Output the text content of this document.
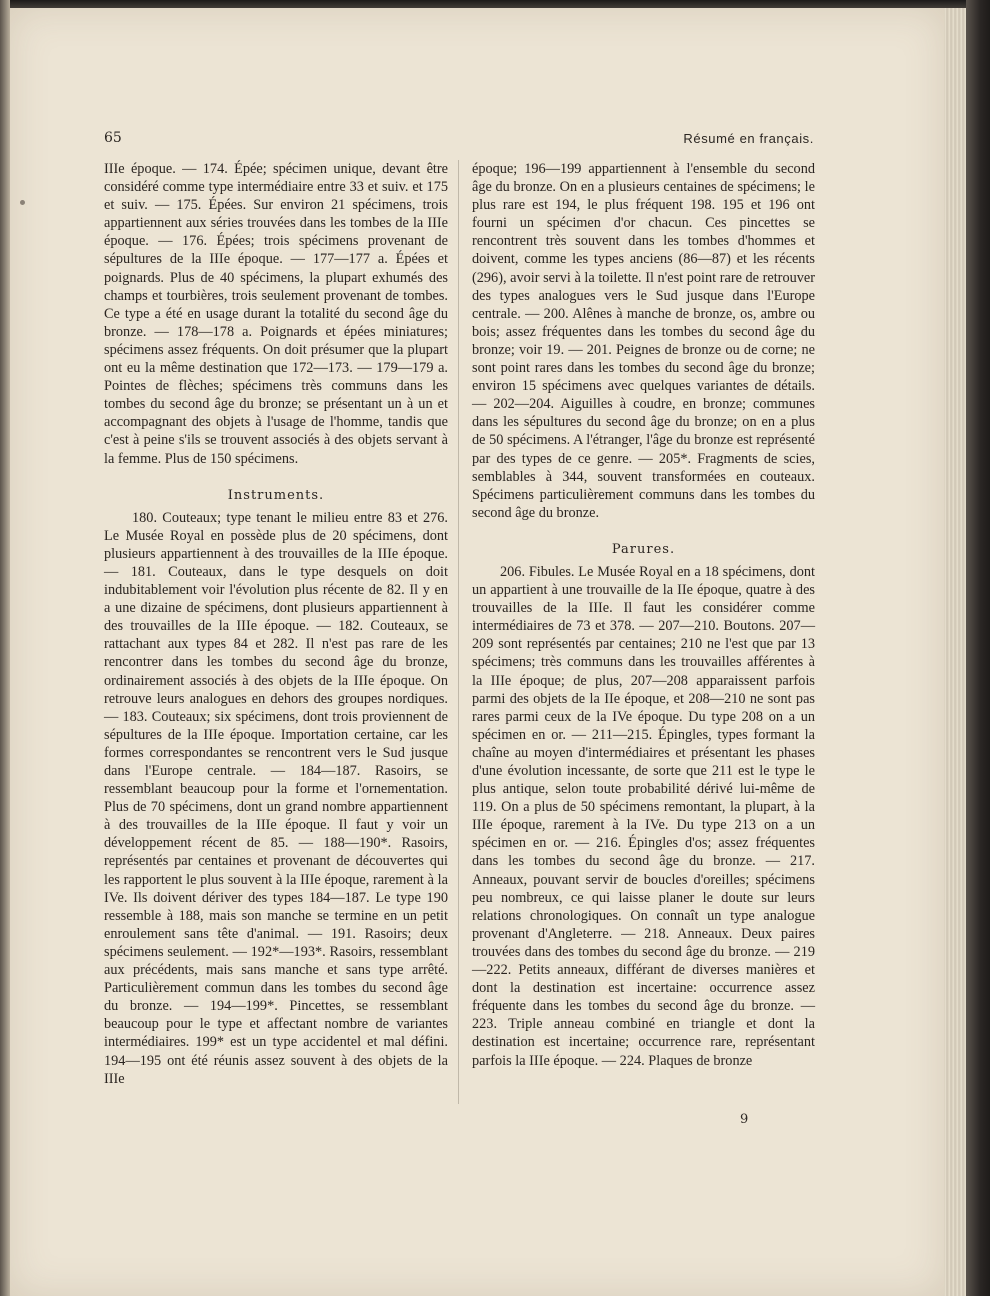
65	Résumé en français.

IIIe époque. — 174. Épée; spécimen unique, devant être considéré comme type intermédiaire entre 33 et suiv. et 175 et suiv. — 175. Épées. Sur environ 21 spécimens, trois appartiennent aux séries trouvées dans les tombes de la IIIe époque. — 176. Épées; trois spécimens provenant de sépultures de la IIIe époque. — 177—177 a. Épées et poignards. Plus de 40 spécimens, la plupart exhumés des champs et tourbières, trois seulement provenant de tombes. Ce type a été en usage durant la totalité du second âge du bronze. — 178—178 a. Poignards et épées miniatures; spécimens assez fréquents. On doit présumer que la plupart ont eu la même destination que 172—173. — 179—179 a. Pointes de flèches; spécimens très communs dans les tombes du second âge du bronze; se présentant un à un et accompagnant des objets à l'usage de l'homme, tandis que c'est à peine s'ils se trouvent associés à des objets servant à la femme. Plus de 150 spécimens.

Instruments.

180. Couteaux; type tenant le milieu entre 83 et 276. Le Musée Royal en possède plus de 20 spécimens, dont plusieurs appartiennent à des trouvailles de la IIIe époque. — 181. Couteaux, dans le type desquels on doit indubitablement voir l'évolution plus récente de 82. Il y en a une dizaine de spécimens, dont plusieurs appartiennent à des trouvailles de la IIIe époque. — 182. Couteaux, se rattachant aux types 84 et 282. Il n'est pas rare de les rencontrer dans les tombes du second âge du bronze, ordinairement associés à des objets de la IIIe époque. On retrouve leurs analogues en dehors des groupes nordiques. — 183. Couteaux; six spécimens, dont trois proviennent de sépultures de la IIIe époque. Importation certaine, car les formes correspondantes se rencontrent vers le Sud jusque dans l'Europe centrale. — 184—187. Rasoirs, se ressemblant beaucoup pour la forme et l'ornementation. Plus de 70 spécimens, dont un grand nombre appartiennent à des trouvailles de la IIIe époque. Il faut y voir un développement récent de 85. — 188—190*. Rasoirs, représentés par centaines et provenant de découvertes qui les rapportent le plus souvent à la IIIe époque, rarement à la IVe. Ils doivent dériver des types 184—187. Le type 190 ressemble à 188, mais son manche se termine en un petit enroulement sans tête d'animal. — 191. Rasoirs; deux spécimens seulement. — 192*—193*. Rasoirs, ressemblant aux précédents, mais sans manche et sans type arrêté. Particulièrement commun dans les tombes du second âge du bronze. — 194—199*. Pincettes, se ressemblant beaucoup pour le type et affectant nombre de variantes intermédiaires. 199* est un type accidentel et mal défini. 194—195 ont été réunis assez souvent à des objets de la IIIe

époque; 196—199 appartiennent à l'ensemble du second âge du bronze. On en a plusieurs centaines de spécimens; le plus rare est 194, le plus fréquent 198. 195 et 196 ont fourni un spécimen d'or chacun. Ces pincettes se rencontrent très souvent dans les tombes d'hommes et doivent, comme les types anciens (86—87) et les récents (296), avoir servi à la toilette. Il n'est point rare de retrouver des types analogues vers le Sud jusque dans l'Europe centrale. — 200. Alênes à manche de bronze, os, ambre ou bois; assez fréquentes dans les tombes du second âge du bronze; voir 19. — 201. Peignes de bronze ou de corne; ne sont point rares dans les tombes du second âge du bronze; environ 15 spécimens avec quelques variantes de détails. — 202—204. Aiguilles à coudre, en bronze; communes dans les sépultures du second âge du bronze; on en a plus de 50 spécimens. A l'étranger, l'âge du bronze est représenté par des types de ce genre. — 205*. Fragments de scies, semblables à 344, souvent transformées en couteaux. Spécimens particulièrement communs dans les tombes du second âge du bronze.

Parures.

206. Fibules. Le Musée Royal en a 18 spécimens, dont un appartient à une trouvaille de la IIe époque, quatre à des trouvailles de la IIIe. Il faut les considérer comme intermédiaires de 73 et 378. — 207—210. Boutons. 207—209 sont représentés par centaines; 210 ne l'est que par 13 spécimens; très communs dans les trouvailles afférentes à la IIIe époque; de plus, 207—208 apparaissent parfois parmi des objets de la IIe époque, et 208—210 ne sont pas rares parmi ceux de la IVe époque. Du type 208 on a un spécimen en or. — 211—215. Épingles, types formant la chaîne au moyen d'intermédiaires et présentant les phases d'une évolution incessante, de sorte que 211 est le type le plus antique, selon toute probabilité dérivé lui-même de 119. On a plus de 50 spécimens remontant, la plupart, à la IIIe époque, rarement à la IVe. Du type 213 on a un spécimen en or. — 216. Épingles d'os; assez fréquentes dans les tombes du second âge du bronze. — 217. Anneaux, pouvant servir de boucles d'oreilles; spécimens peu nombreux, ce qui laisse planer le doute sur leurs relations chronologiques. On connaît un type analogue provenant d'Angleterre. — 218. Anneaux. Deux paires trouvées dans des tombes du second âge du bronze. — 219—222. Petits anneaux, différant de diverses manières et dont la destination est incertaine: occurrence assez fréquente dans les tombes du second âge du bronze. — 223. Triple anneau combiné en triangle et dont la destination est incertaine; occurrence rare, représentant parfois la IIIe époque. — 224. Plaques de bronze

9
